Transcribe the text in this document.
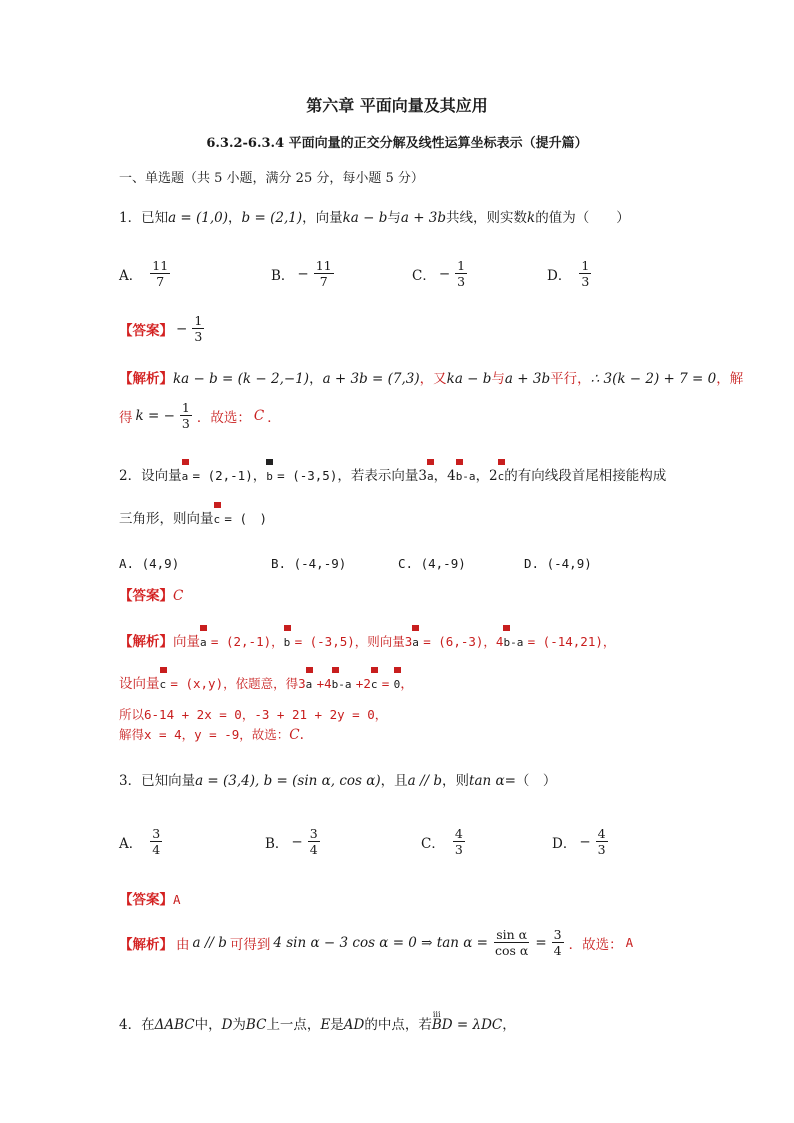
第六章 平面向量及其应用
6.3.2-6.3.4 平面向量的正交分解及线性运算坐标表示（提升篇）
一、单选题（共 5 小题，满分 25 分，每小题 5 分）
1．已知a = (1,0)，b = (2,1)，向量ka − b与a + 3b共线，则实数k的值为（　　）
A． $\frac{11}{7}$	B． − $\frac{11}{7}$	C． − $\frac{1}{3}$	D． $\frac{1}{3}$
【答案】 − $\frac{1}{3}$
【解析】ka − b = (k − 2,−1)，a + 3b = (7,3)，又ka − b与a + 3b平行，∴ 3(k − 2) + 7 = 0，解
得 k = − $\frac{1}{3}$ ．故选： C ．
2．设向量a = (2,-1)，b = (-3,5)，若表示向量3a，4b-a，2c的有向线段首尾相接能构成
三角形，则向量c = (　)
A. (4,9)	B. (-4,-9)	C. (4,-9)	D. (-4,9)
【答案】C
【解析】向量a = (2,-1)，b = (-3,5)，则向量3a = (6,-3)，4b-a = (-14,21)，
设向量c = (x,y)，依题意，得3a +4b-a +2c = 0，
所以6-14 + 2x = 0，-3 + 21 + 2y = 0，
解得x = 4，y = -9，故选：C.
3．已知向量a = (3,4), b = (sin α, cos α)，且a // b，则tan α=（　）
A． $\frac{3}{4}$	B． − $\frac{3}{4}$	C． $\frac{4}{3}$	D． − $\frac{4}{3}$
【答案】A
【解析】 由 a // b 可得到 4 sin α − 3 cos α = 0 ⇒ $\tan \alpha = \frac{\text{sin α}}{\text{cos α}} = \frac{3}{4}$ ．故选： A
4．在ΔABC中，D为BC上一点，E是AD的中点，若ⅲ BD = λDC，
